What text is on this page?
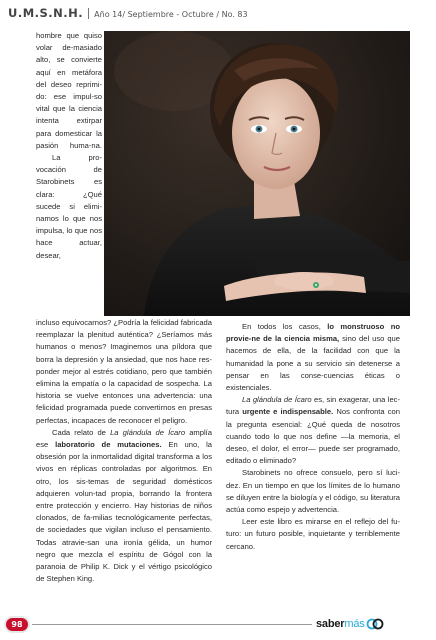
U.M.S.N.H. Año 14/ Septiembre - Octubre / No. 83

hombre que quiso volar de-masiado alto, se convierte aquí en metáfora del deseo reprimi-do: ese impul-so vital que la ciencia intenta extirpar para domesticar la pasión huma-na.

La pro-vocación de Starobinets es clara: ¿Qué sucede si elimi-namos lo que nos impulsa, lo que nos hace actuar, desear,

incluso equivocarnos? ¿Podría la felicidad fabricada reemplazar la plenitud auténtica? ¿Seríamos más humanos o menos? Imaginemos una píldora que borra la depresión y la ansiedad, que nos hace res-ponder mejor al estrés cotidiano, pero que también elimina la empatía o la capacidad de sospecha. La historia se vuelve entonces una advertencia: una felicidad programada puede convertirnos en presas perfectas, incapaces de reconocer el peligro.

Cada relato de La glándula de Ícaro amplía ese laboratorio de mutaciones. En uno, la obsesión por la inmortalidad digital transforma a los vivos en réplicas controladas por algoritmos. En otro, los sis-temas de seguridad domésticos adquieren volun-tad propia, borrando la frontera entre protección y encierro. Hay historias de niños clonados, de fa-milias tecnológicamente perfectas, de sociedades que vigilan incluso el pensamiento. Todas atravie-san una ironía gélida, un humor negro que mezcla el espíritu de Gógol con la paranoia de Philip K. Dick y el vértigo psicológico de Stephen King.

En todos los casos, lo monstruoso no provie-ne de la ciencia misma, sino del uso que hacemos de ella, de la facilidad con que la humanidad la pone a su servicio sin detenerse a pensar en las conse-cuencias éticas o existenciales.

La glándula de Ícaro es, sin exagerar, una lec-tura urgente e indispensable. Nos confronta con la pregunta esencial: ¿Qué queda de nosotros cuando todo lo que nos define —la memoria, el deseo, el dolor, el error— puede ser programado, editado o eliminado?

Starobinets no ofrece consuelo, pero sí luci-dez. En un tiempo en que los límites de lo humano se diluyen entre la biología y el código, su literatura actúa como espejo y advertencia.

Leer este libro es mirarse en el reflejo del fu-turo: un futuro posible, inquietante y terriblemente cercano.

98	sabermás
